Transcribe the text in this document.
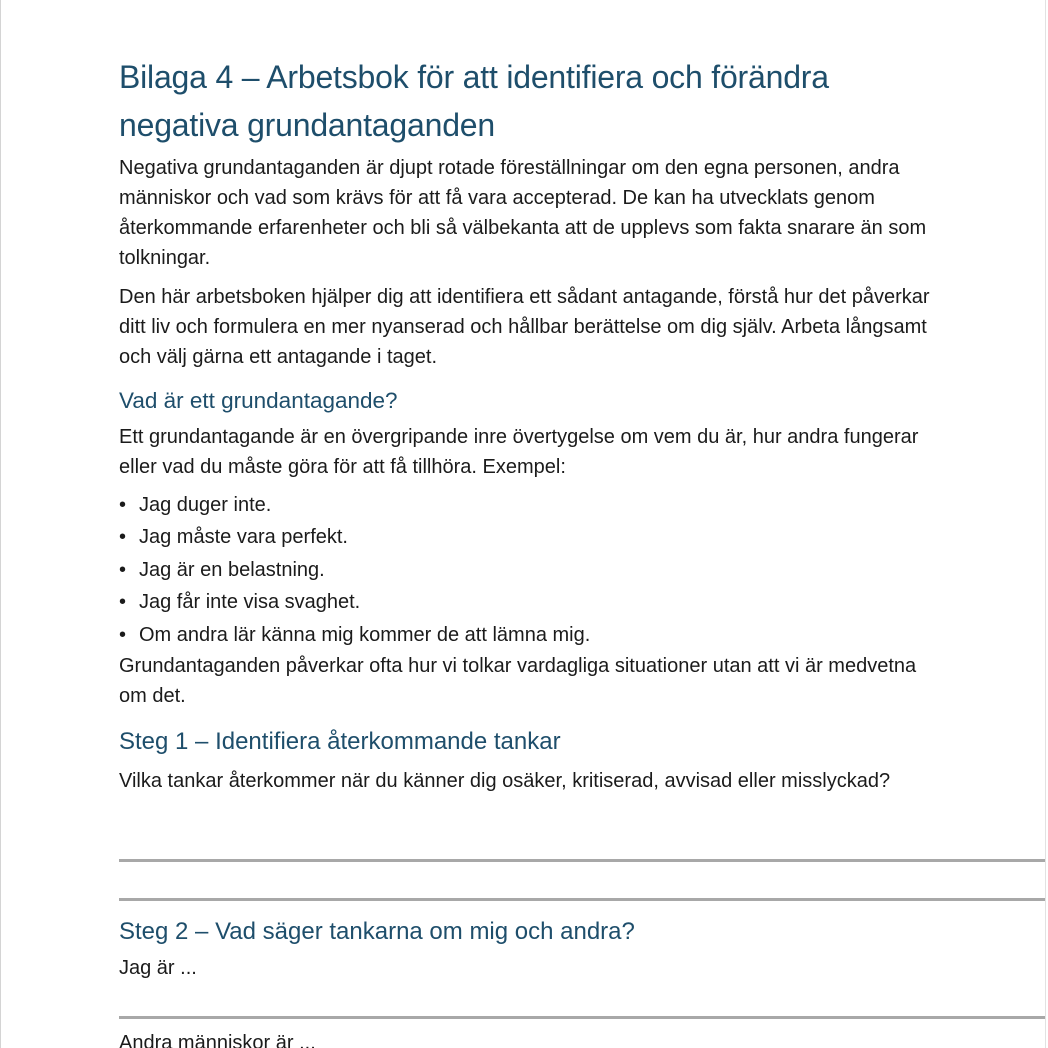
Bilaga 4 – Arbetsbok för att identifiera och förändra negativa grundantaganden

Negativa grundantaganden är djupt rotade föreställningar om den egna personen, andra människor och vad som krävs för att få vara accepterad. De kan ha utvecklats genom återkommande erfarenheter och bli så välbekanta att de upplevs som fakta snarare än som tolkningar.

Den här arbetsboken hjälper dig att identifiera ett sådant antagande, förstå hur det påverkar ditt liv och formulera en mer nyanserad och hållbar berättelse om dig själv. Arbeta långsamt och välj gärna ett antagande i taget.

Vad är ett grundantagande?

Ett grundantagande är en övergripande inre övertygelse om vem du är, hur andra fungerar eller vad du måste göra för att få tillhöra. Exempel:

• Jag duger inte.
• Jag måste vara perfekt.
• Jag är en belastning.
• Jag får inte visa svaghet.
• Om andra lär känna mig kommer de att lämna mig.

Grundantaganden påverkar ofta hur vi tolkar vardagliga situationer utan att vi är medvetna om det.

Steg 1 – Identifiera återkommande tankar

Vilka tankar återkommer när du känner dig osäker, kritiserad, avvisad eller misslyckad?

Steg 2 – Vad säger tankarna om mig och andra?

Jag är ...

Andra människor är ...
